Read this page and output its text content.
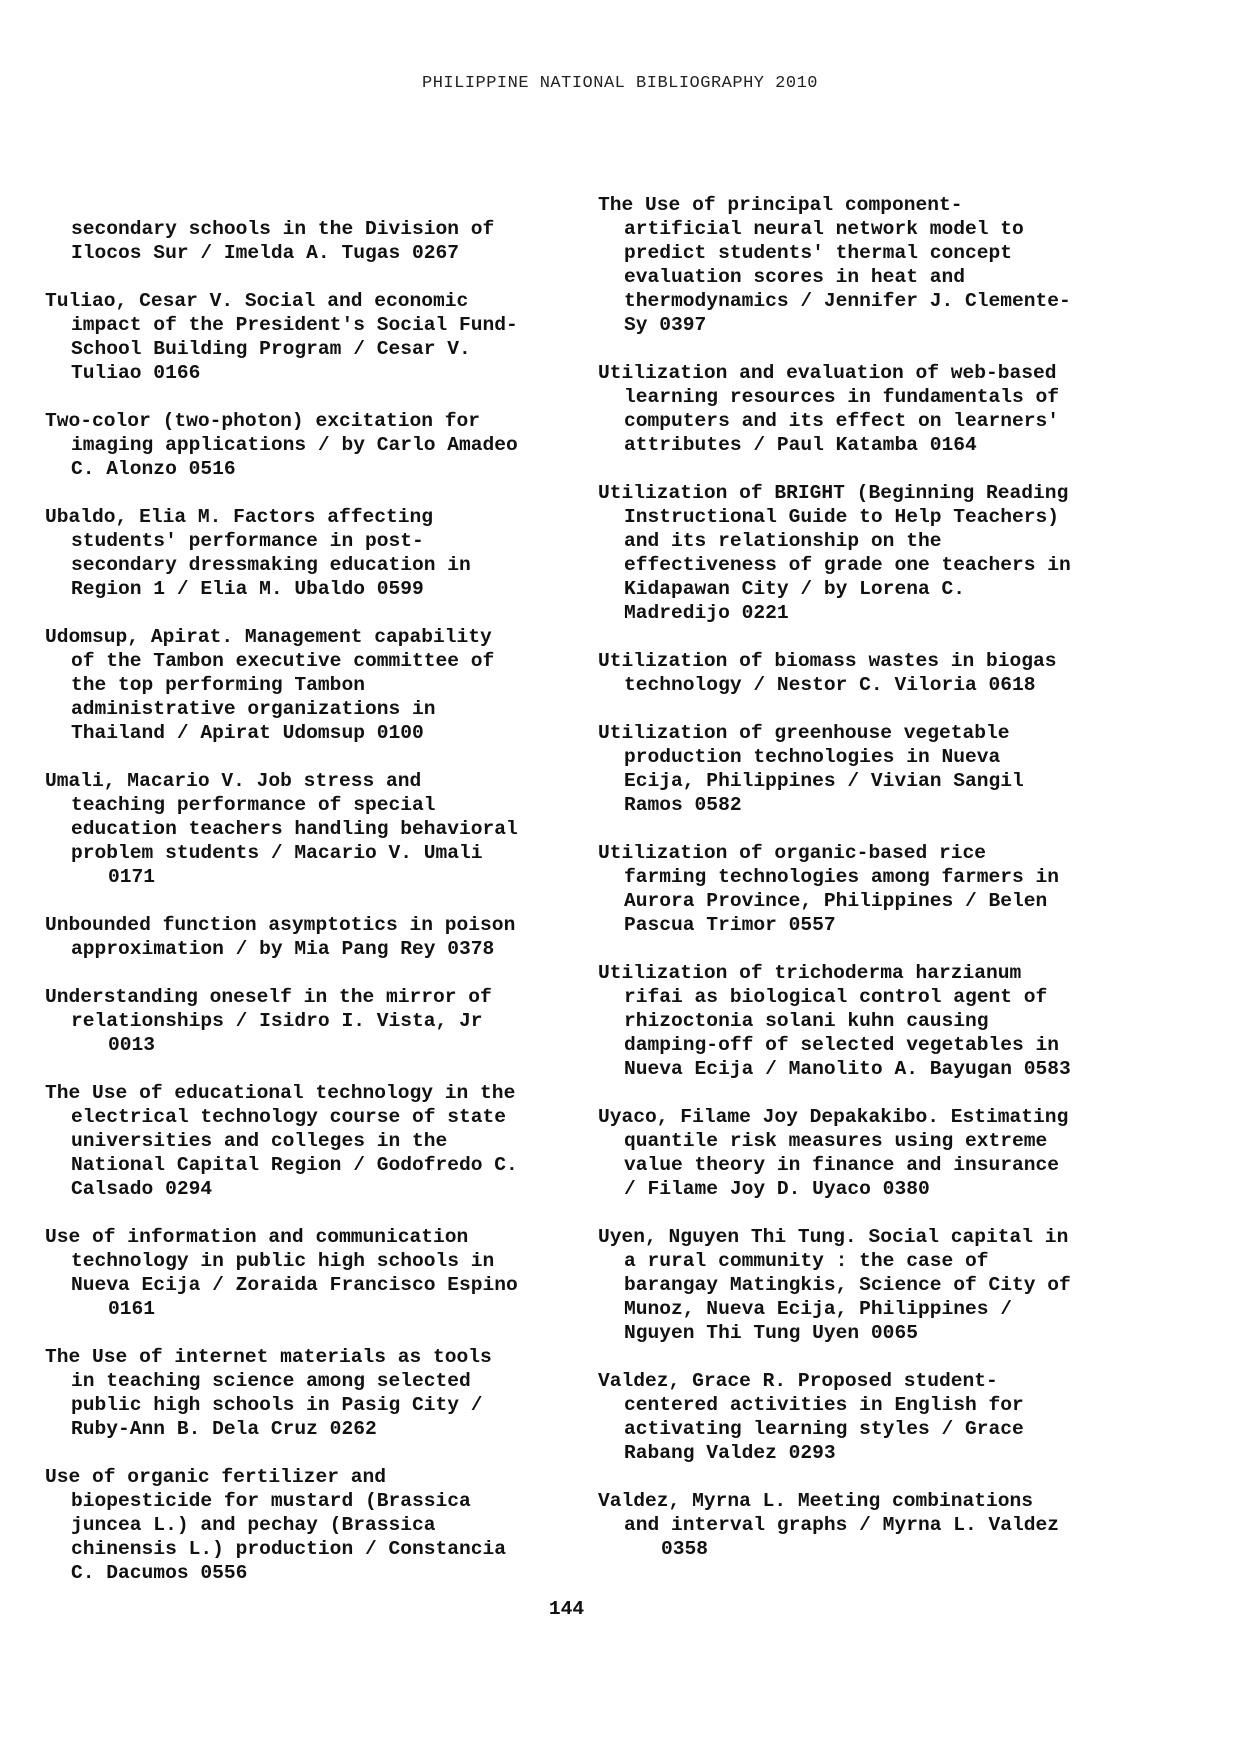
PHILIPPINE NATIONAL BIBLIOGRAPHY 2010
secondary schools in the Division of
Ilocos Sur / Imelda A. Tugas 0267
Tuliao, Cesar V. Social and economic
impact of the President's Social Fund-
School Building Program / Cesar V.
Tuliao 0166
Two-color (two-photon) excitation for
imaging applications / by Carlo Amadeo
C. Alonzo 0516
Ubaldo, Elia M. Factors affecting
students' performance in post-
secondary dressmaking education in
Region 1 / Elia M. Ubaldo 0599
Udomsup, Apirat. Management capability
of the Tambon executive committee of
the top performing Tambon
administrative organizations in
Thailand / Apirat Udomsup 0100
Umali, Macario V. Job stress and
teaching performance of special
education teachers handling behavioral
problem students / Macario V. Umali
0171
Unbounded function asymptotics in poison
approximation / by Mia Pang Rey 0378
Understanding oneself in the mirror of
relationships / Isidro I. Vista, Jr
0013
The Use of educational technology in the
electrical technology course of state
universities and colleges in the
National Capital Region / Godofredo C.
Calsado 0294
Use of information and communication
technology in public high schools in
Nueva Ecija / Zoraida Francisco Espino
0161
The Use of internet materials as tools
in teaching science among selected
public high schools in Pasig City /
Ruby-Ann B. Dela Cruz 0262
Use of organic fertilizer and
biopesticide for mustard (Brassica
juncea L.) and pechay (Brassica
chinensis L.) production / Constancia
C. Dacumos 0556
The Use of principal component-
artificial neural network model to
predict students' thermal concept
evaluation scores in heat and
thermodynamics / Jennifer J. Clemente-
Sy 0397
Utilization and evaluation of web-based
learning resources in fundamentals of
computers and its effect on learners'
attributes / Paul Katamba 0164
Utilization of BRIGHT (Beginning Reading
Instructional Guide to Help Teachers)
and its relationship on the
effectiveness of grade one teachers in
Kidapawan City / by Lorena C.
Madredijo 0221
Utilization of biomass wastes in biogas
technology / Nestor C. Viloria 0618
Utilization of greenhouse vegetable
production technologies in Nueva
Ecija, Philippines / Vivian Sangil
Ramos 0582
Utilization of organic-based rice
farming technologies among farmers in
Aurora Province, Philippines / Belen
Pascua Trimor 0557
Utilization of trichoderma harzianum
rifai as biological control agent of
rhizoctonia solani kuhn causing
damping-off of selected vegetables in
Nueva Ecija / Manolito A. Bayugan 0583
Uyaco, Filame Joy Depakakibo. Estimating
quantile risk measures using extreme
value theory in finance and insurance
/ Filame Joy D. Uyaco 0380
Uyen, Nguyen Thi Tung. Social capital in
a rural community : the case of
barangay Matingkis, Science of City of
Munoz, Nueva Ecija, Philippines /
Nguyen Thi Tung Uyen 0065
Valdez, Grace R. Proposed student-
centered activities in English for
activating learning styles / Grace
Rabang Valdez 0293
Valdez, Myrna L. Meeting combinations
and interval graphs / Myrna L. Valdez
0358
144
